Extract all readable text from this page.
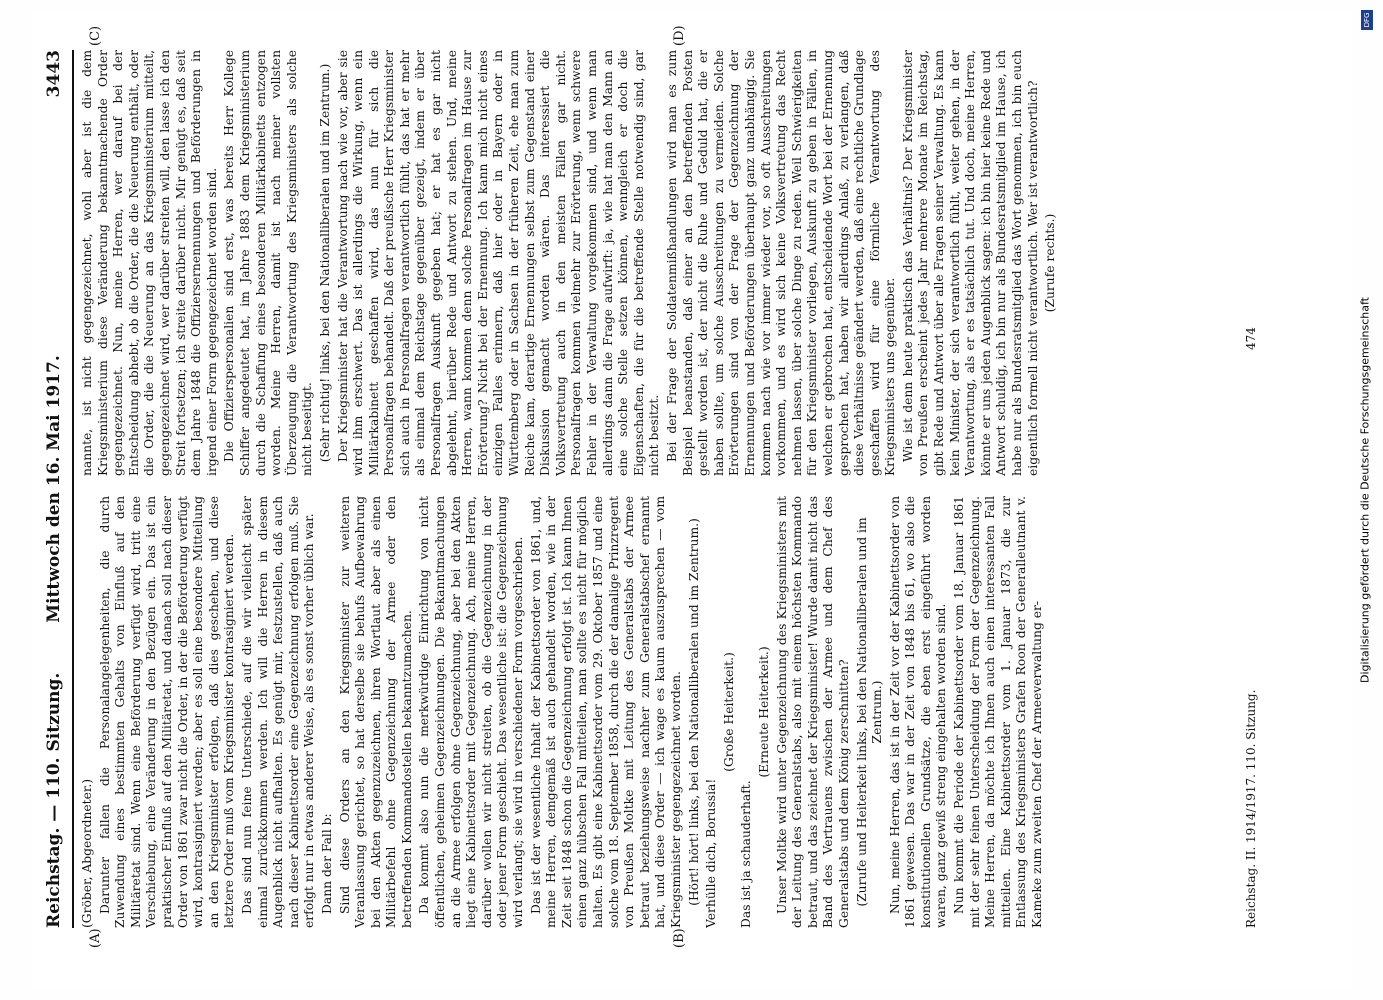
Reichstag. — 110. Sitzung.
Mittwoch den 16. Mai 1917.
3443
(A)	(B)
(C)	(D)

(Gröber, Abgeordneter.) Darunter fallen die Personalangelegenheiten, die durch Zuwendung eines bestimmten Gehalts von Einfluß auf den Militäretat sind. Wenn eine Beförderung verfügt wird, tritt eine Verschiebung, eine Veränderung in den Bezügen ein. Das ist ein praktischer Einfluß auf den Militäretat, und danach soll nach dieser Order von 1861 zwar nicht die Order, in der die Beförderung verfügt wird, kontrasigniert werden; aber es soll eine besondere Mitteilung an den Kriegsminister erfolgen, daß dies geschehen, und diese letztere Order muß vom Kriegsminister kontrasigniert werden. Das sind nun feine Unterschiede, auf die wir vielleicht später einmal zurückkommen werden. Ich will die Herren in diesem Augenblick nicht aufhalten. Es genügt mir, festzustellen, daß auch nach dieser Kabinettsorder eine Gegenzeichnung erfolgen muß. Sie erfolgt nur in etwas anderer Weise, als es sonst vorher üblich war. Dann der Fall b: Sind diese Orders an den Kriegsminister zur weiteren Veranlassung gerichtet, so hat derselbe sie behufs Aufbewahrung bei den Akten gegenzuzeichnen, ihren Wortlaut aber als einen Militärbefehl ohne Gegenzeichnung der Armee oder den betreffenden Kommandostellen bekanntzumachen. Da kommt also nun die merkwürdige Einrichtung von nicht öffentlichen, geheimen Gegenzeichnungen. Die Bekanntmachungen an die Armee erfolgen ohne Gegenzeichnung, aber bei den Akten liegt eine Kabinettsorder mit Gegenzeichnung. Ach, meine Herren, darüber wollen wir nicht streiten, ob die Gegenzeichnung in der oder jener Form geschieht. Das wesentliche ist: die Gegenzeichnung wird verlangt; sie wird in verschiedener Form vorgeschrieben. Das ist der wesentliche Inhalt der Kabinettsorder von 1861, und, meine Herren, demgemäß ist auch gehandelt worden, wie in der Zeit seit 1848 schon die Gegenzeichnung erfolgt ist. Ich kann Ihnen einen ganz hübschen Fall mitteilen, man sollte es nicht für möglich halten. Es gibt eine Kabinettsorder vom 29. Oktober 1857 und eine solche vom 18. September 1858, durch die der damalige Prinzregent von Preußen Moltke mit Leitung des Generalstabs der Armee betraut beziehungsweise nachher zum Generalstabschef ernannt hat, und diese Order — ich wage es kaum auszusprechen — vom Kriegsminister gegengezeichnet worden. (Hört! hört! links, bei den Nationalliberalen und im Zentrum.) Verhülle dich, Borussia!

(Große Heiterkeit.)

Das ist ja schauderhaft.

(Erneute Heiterkeit.) Unser Moltke wird unter Gegenzeichnung des Kriegsministers mit der Leitung des Generalstabs, also mit einem höchsten Kommando betraut, und das zeichnet der Kriegsminister! Wurde damit nicht das Band des Vertrauens zwischen der Armee und dem Chef des Generalstabs und dem König zerschnitten? (Zurufe und Heiterkeit links, bei den Nationalliberalen und im Zentrum.) Nun, meine Herren, das ist in der Zeit vor der Kabinettsorder von 1861 gewesen. Das war in der Zeit von 1848 bis 61, wo also die konstitutionellen Grundsätze, die eben erst eingeführt worden waren, ganz gewiß streng eingehalten worden sind. Nun kommt die Periode der Kabinettsorder vom 18. Januar 1861 mit der sehr feinen Unterscheidung der Form der Gegenzeichnung. Meine Herren, da möchte ich Ihnen auch einen interessanten Fall mitteilen. Eine Kabinettsorder vom 1. Januar 1873, die zur Entlassung des Kriegsministers Grafen Roon der Generalleutnant v. Kameke zum zweiten Chef der Armeeverwaltung er-

nannte, ist nicht gegengezeichnet, wohl aber ist die dem Kriegsministerium diese Veränderung bekanntmachende Order gegengezeichnet. Nun, meine Herren, wer darauf bei der Entscheidung abhebt, ob die Order, die die Neuerung enthält, oder die Order, die die Neuerung an das Kriegsministerium mitteilt, gegengezeichnet wird, wer darüber streiten will, den lasse ich den Streit fortsetzen; ich streite darüber nicht. Mir genügt es, daß seit dem Jahre 1848 die Offiziersernennungen und Beförderungen in irgend einer Form gegengezeichnet worden sind. Die Offizierspersonalien sind erst, was bereits Herr Kollege Schiffer angedeutet hat, im Jahre 1883 dem Kriegsministerium durch die Schaffung eines besonderen Militärkabinetts entzogen worden. Meine Herren, damit ist nach meiner vollsten Überzeugung die Verantwortung des Kriegsministers als solche nicht beseitigt. (Sehr richtig! links, bei den Nationalliberalen und im Zentrum.) Der Kriegsminister hat die Verantwortung nach wie vor, aber sie wird ihm erschwert. Das ist allerdings die Wirkung, wenn ein Militärkabinett geschaffen wird, das nun für sich die Personalfragen behandelt. Daß der preußische Herr Kriegsminister sich auch in Personalfragen verantwortlich fühlt, das hat er mehr als einmal dem Reichstage gegenüber gezeigt, indem er über Personalfragen Auskunft gegeben hat; er hat es gar nicht abgelehnt, hierüber Rede und Antwort zu stehen. Und, meine Herren, wann kommen denn solche Personalfragen im Hause zur Erörterung? Nicht bei der Ernennung. Ich kann mich nicht eines einzigen Falles erinnern, daß hier oder in Bayern oder in Württemberg oder in Sachsen in der früheren Zeit, ehe man zum Reiche kam, derartige Ernennungen selbst zum Gegenstand einer Diskussion gemacht worden wären. Das interessiert die Volksvertretung auch in den meisten Fällen gar nicht. Personalfragen kommen vielmehr zur Erörterung, wenn schwere Fehler in der Verwaltung vorgekommen sind, und wenn man allerdings dann die Frage aufwirft: ja, wie hat man den Mann an eine solche Stelle setzen können, wenngleich er doch die Eigenschaften, die für die betreffende Stelle notwendig sind, gar nicht besitzt. Bei der Frage der Soldatenmißhandlungen wird man es zum Beispiel beanstanden, daß einer an den betreffenden Posten gestellt worden ist, der nicht die Ruhe und Geduld hat, die er haben sollte, um solche Ausschreitungen zu vermeiden. Solche Erörterungen sind von der Frage der Gegenzeichnung der Ernennungen und Beförderungen überhaupt ganz unabhängig. Sie kommen nach wie vor immer wieder vor, so oft Ausschreitungen vorkommen, und es wird sich keine Volksvertretung das Recht nehmen lassen, über solche Dinge zu reden. Weil Schwierigkeiten für den Kriegsminister vorliegen, Auskunft zu geben in Fällen, in welchen er gebrochen hat, entscheidende Wort bei der Ernennung gesprochen hat, haben wir allerdings Anlaß, zu verlangen, daß diese Verhältnisse geändert werden, daß eine rechtliche Grundlage geschaffen wird für eine förmliche Verantwortung des Kriegsministers uns gegenüber. Wie ist denn heute praktisch das Verhältnis? Der Kriegsminister von Preußen erscheint jedes Jahr mehrere Monate im Reichstag, gibt Rede und Antwort über alle Fragen seiner Verwaltung. Es kann kein Minister, der sich verantwortlich fühlt, weiter gehen, in der Verantwortung, als er es tatsächlich tut. Und doch, meine Herren, könnte er uns jeden Augenblick sagen: ich bin hier keine Rede und Antwort schuldig, ich bin nur als Bundesratsmitglied im Hause, ich habe nur als Bundesratsmitglied das Wort genommen, ich bin euch eigentlich formell nicht verantwortlich. Wer ist verantwortlich? (Zurufe rechts.)

Reichstag. II. 1914/1917. 110. Sitzung.
474
DFG
Digitalisierung gefördert durch die Deutsche Forschungsgemeinschaft
